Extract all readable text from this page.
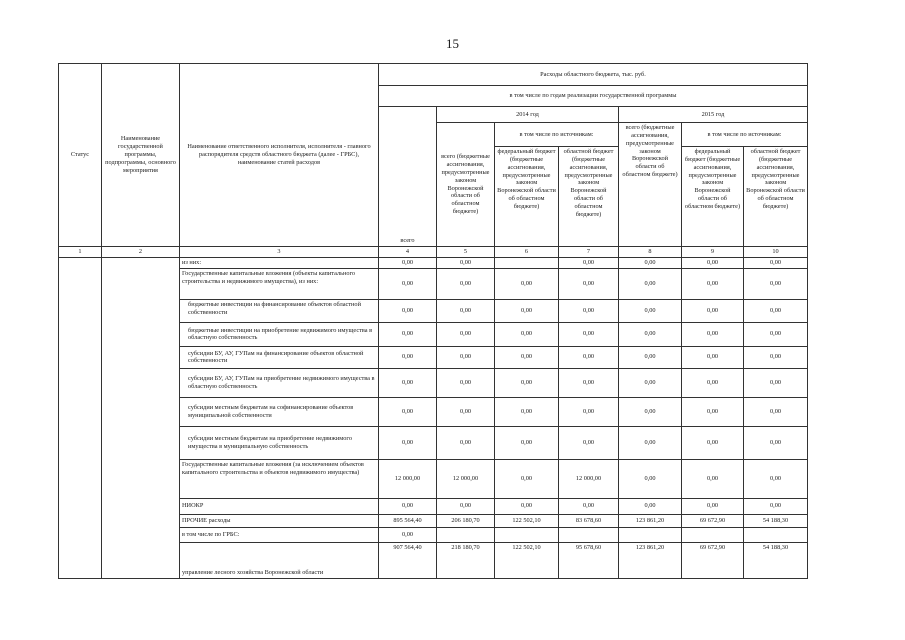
15
Статус	Наименование государственной программы, подпрограммы, основного мероприятия	Наименование ответственного исполнителя, исполнителя - главного распорядителя средств областного бюджета (далее - ГРБС), наименование статей расходов	Расходы областного бюджета, тыс. руб.						
			в том числе по годам реализации государственной программы						
			всего	2014 год			2015 год		
				всего (бюджетные ассигнования, предусмотренные законом Воронежской области об областном бюджете)	в том числе по источникам:		всего (бюджетные ассигнования, предусмотренные законом Воронежской области об областном бюджете)	в том числе по источникам:	
					федеральный бюджет (бюджетные ассигнования, предусмотренные законом Воронежской области об областном бюджете)	областной бюджет (бюджетные ассигнования, предусмотренные законом Воронежской области об областном бюджете)		федеральный бюджет (бюджетные ассигнования, предусмотренные законом Воронежской области об областном бюджете)	областной бюджет (бюджетные ассигнования, предусмотренные законом Воронежской области об областном бюджете)
1	2	3	4	5	6	7	8	9	10
		из них:	0,00	0,00		0,00	0,00	0,00	0,00
		Государственные капитальные вложения (объекты капитального строительства и недвижимого имущества), из них:	0,00	0,00	0,00	0,00	0,00	0,00	0,00
		бюджетные инвестиции на финансирование объектов областной собственности	0,00	0,00	0,00	0,00	0,00	0,00	0,00
		бюджетные инвестиции на приобретение недвижимого имущества в областную собственность	0,00	0,00	0,00	0,00	0,00	0,00	0,00
		субсидии БУ, АУ, ГУПам на финансирование объектов областной собственности	0,00	0,00	0,00	0,00	0,00	0,00	0,00
		субсидии БУ, АУ, ГУПам на приобретение недвижимого имущества в областную собственность	0,00	0,00	0,00	0,00	0,00	0,00	0,00
		субсидии местным бюджетам на софинансирование объектов муниципальной собственности	0,00	0,00	0,00	0,00	0,00	0,00	0,00
		субсидии местным бюджетам на приобретение недвижимого имущества в муниципальную собственность	0,00	0,00	0,00	0,00	0,00	0,00	0,00
		Государственные капитальные вложения (за исключением объектов капитального строительства и объектов недвижимого имущества)	12 000,00	12 000,00	0,00	12 000,00	0,00	0,00	0,00
		НИОКР	0,00	0,00	0,00	0,00	0,00	0,00	0,00
		ПРОЧИЕ расходы	895 564,40	206 180,70	122 502,10	83 678,60	123 861,20	69 672,90	54 188,30
		в том числе по ГРБС:	0,00						
		управление лесного хозяйства Воронежской области	907 564,40	218 180,70	122 502,10	95 678,60	123 861,20	69 672,90	54 188,30
